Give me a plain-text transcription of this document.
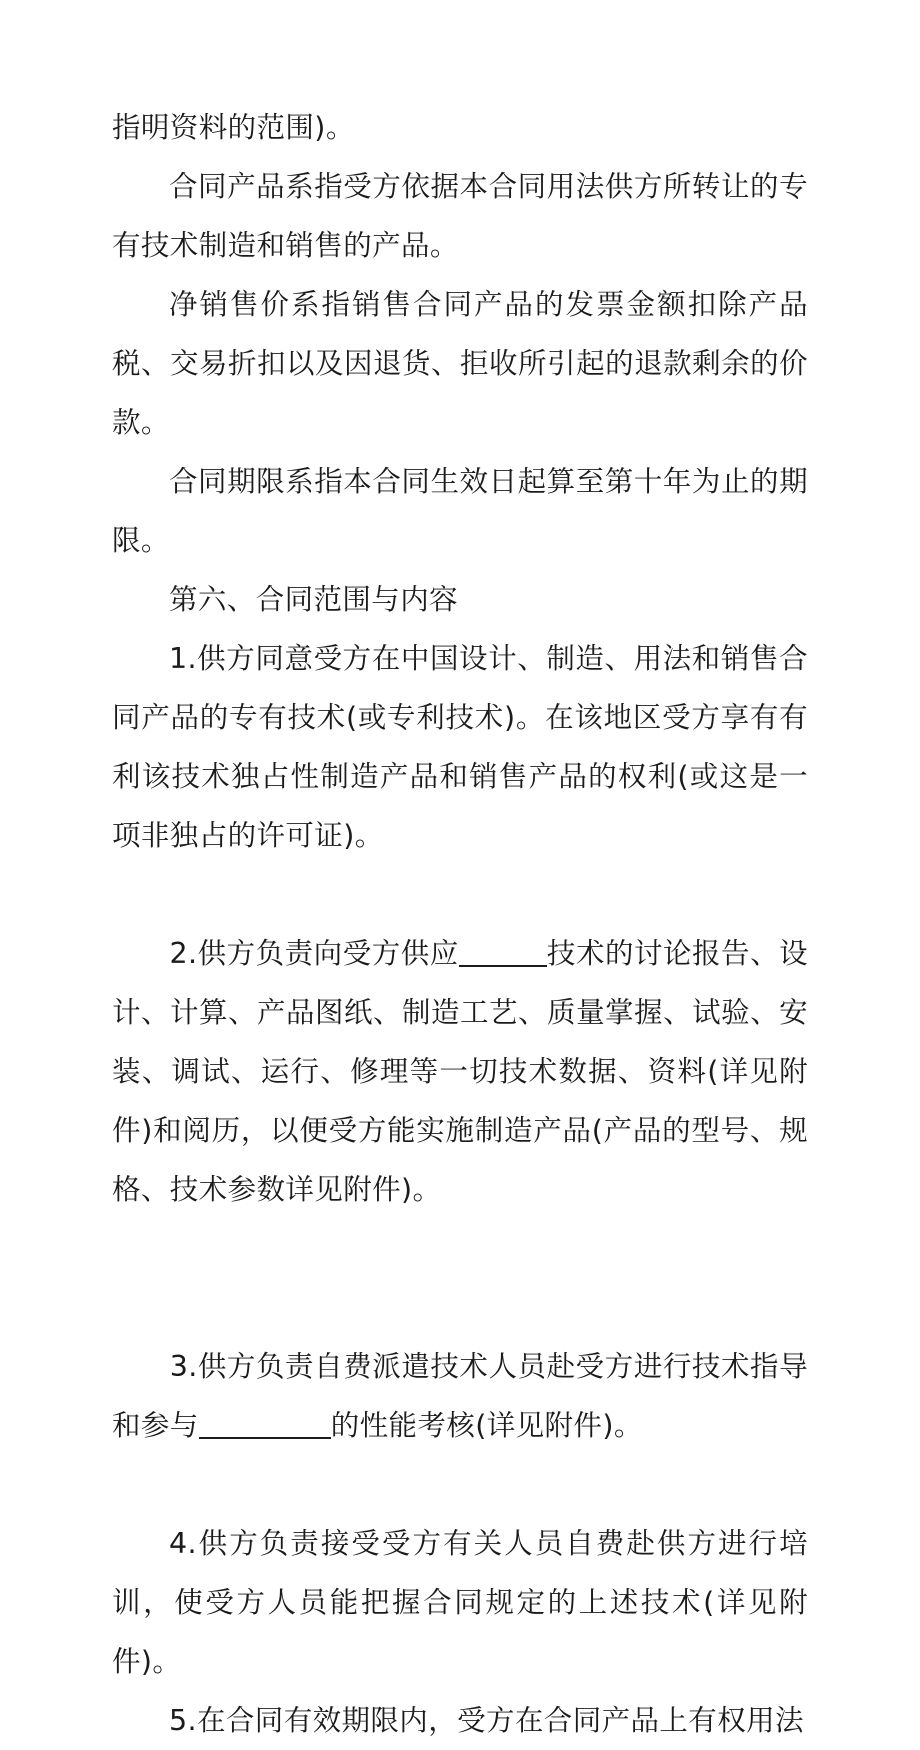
指明资料的范围)。

合同产品系指受方依据本合同用法供方所转让的专有技术制造和销售的产品。

净销售价系指销售合同产品的发票金额扣除产品税、交易折扣以及因退货、拒收所引起的退款剩余的价款。

合同期限系指本合同生效日起算至第十年为止的期限。

第六、合同范围与内容

1.供方同意受方在中国设计、制造、用法和销售合同产品的专有技术(或专利技术)。在该地区受方享有有利该技术独占性制造产品和销售产品的权利(或这是一项非独占的许可证)。

2.供方负责向受方供应	技术的讨论报告、设计、计算、产品图纸、制造工艺、质量掌握、试验、安装、调试、运行、修理等一切技术数据、资料(详见附件)和阅历，以便受方能实施制造产品(产品的型号、规格、技术参数详见附件)。

3.供方负责自费派遣技术人员赴受方进行技术指导和参与	的性能考核(详见附件)。

4.供方负责接受受方有关人员自费赴供方进行培训，使受方人员能把握合同规定的上述技术(详见附件)。

5.在合同有效期限内，受方在合同产品上有权用法
